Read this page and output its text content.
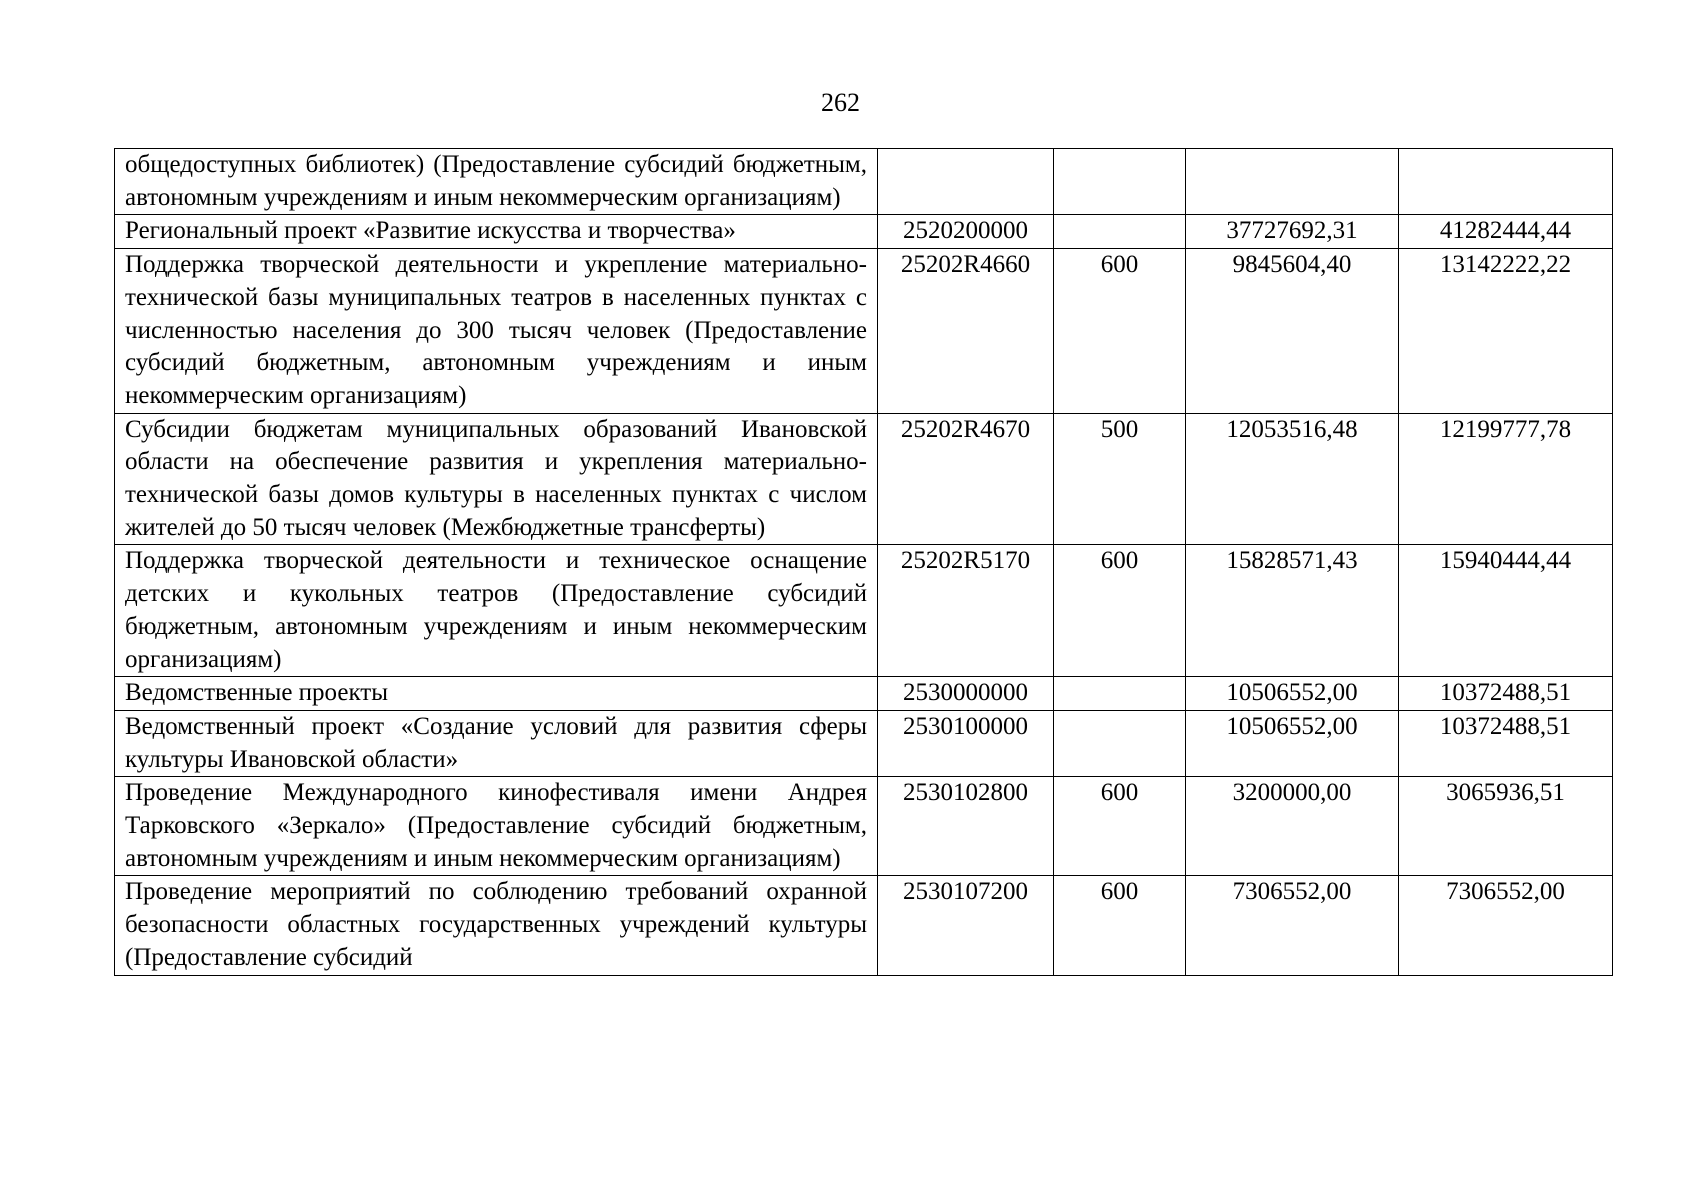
262
общедоступных библиотек) (Предоставление субсидий бюджетным, автономным учреждениям и иным некоммерческим организациям)				
Региональный проект «Развитие искусства и творчества»	2520200000		37727692,31	41282444,44
Поддержка творческой деятельности и укрепление материально-технической базы муниципальных театров в населенных пунктах с численностью населения до 300 тысяч человек (Предоставление субсидий бюджетным, автономным учреждениям и иным некоммерческим организациям)	25202R4660	600	9845604,40	13142222,22
Субсидии бюджетам муниципальных образований Ивановской области на обеспечение развития и укрепления материально-технической базы домов культуры в населенных пунктах с числом жителей до 50 тысяч человек (Межбюджетные трансферты)	25202R4670	500	12053516,48	12199777,78
Поддержка творческой деятельности и техническое оснащение детских и кукольных театров (Предоставление субсидий бюджетным, автономным учреждениям и иным некоммерческим организациям)	25202R5170	600	15828571,43	15940444,44
Ведомственные проекты	2530000000		10506552,00	10372488,51
Ведомственный проект «Создание условий для развития сферы культуры Ивановской области»	2530100000		10506552,00	10372488,51
Проведение Международного кинофестиваля имени Андрея Тарковского «Зеркало» (Предоставление субсидий бюджетным, автономным учреждениям и иным некоммерческим организациям)	2530102800	600	3200000,00	3065936,51
Проведение мероприятий по соблюдению требований охранной безопасности областных государственных учреждений культуры (Предоставление субсидий	2530107200	600	7306552,00	7306552,00
